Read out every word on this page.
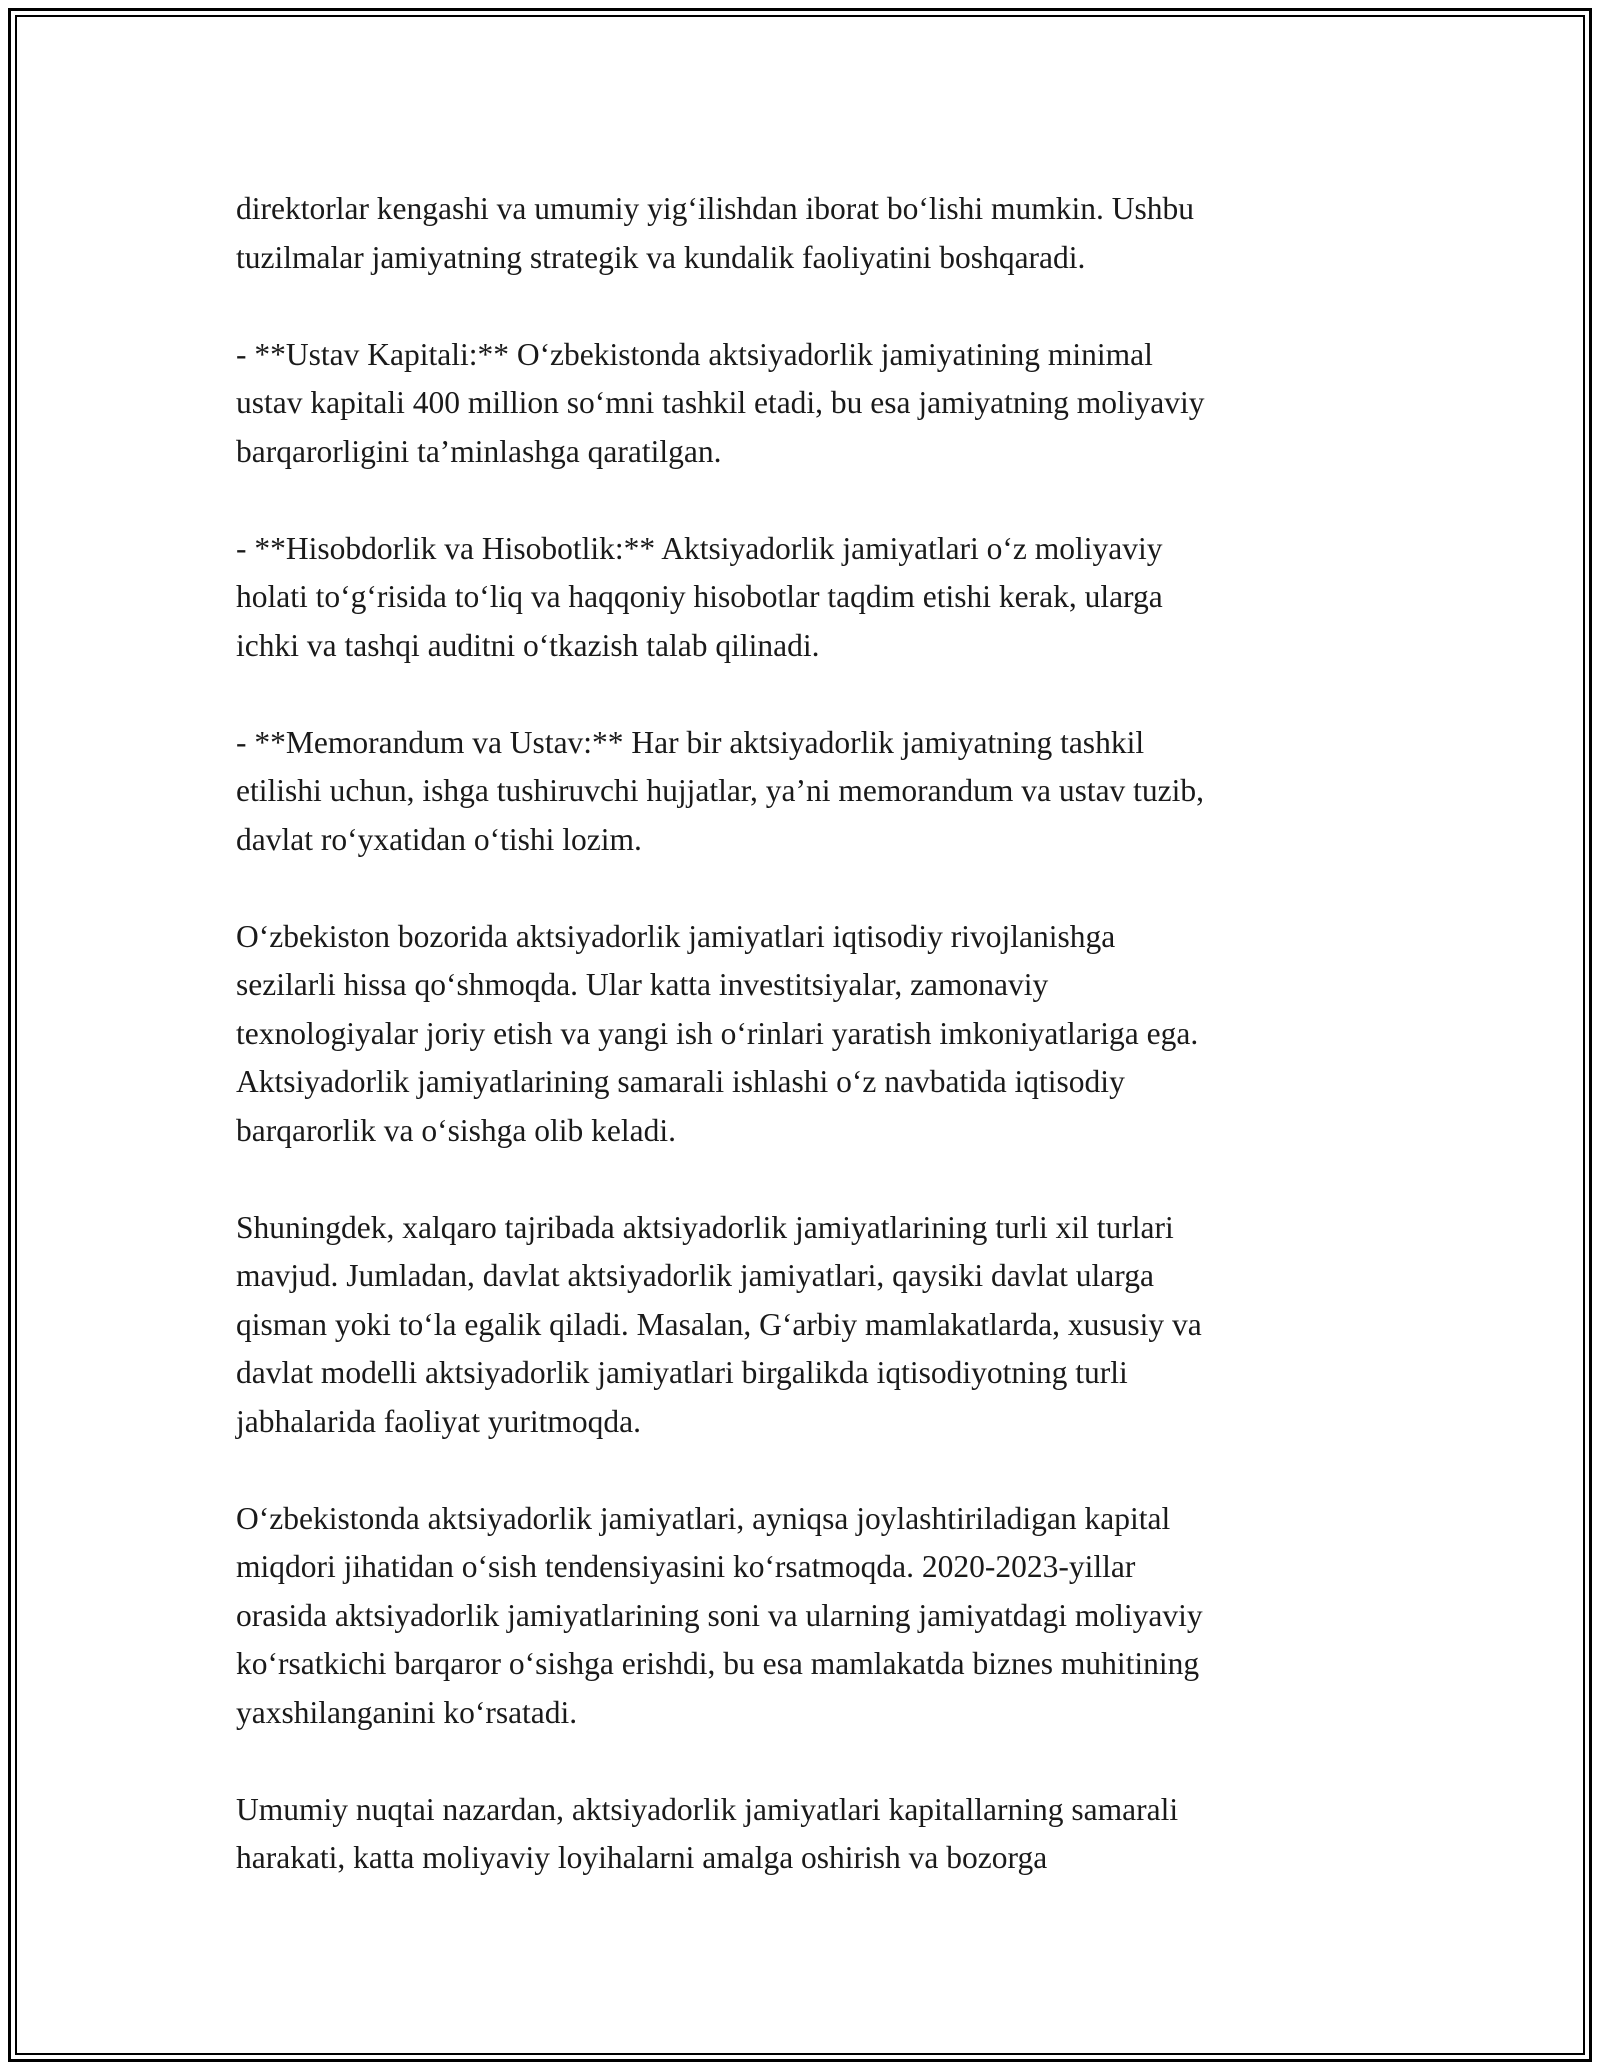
direktorlar kengashi va umumiy yigʻilishdan iborat boʻlishi mumkin. Ushbu
tuzilmalar jamiyatning strategik va kundalik faoliyatini boshqaradi.

- **Ustav Kapitali:** Oʻzbekistonda aktsiyadorlik jamiyatining minimal
ustav kapitali 400 million soʻmni tashkil etadi, bu esa jamiyatning moliyaviy
barqarorligini ta’minlashga qaratilgan.

- **Hisobdorlik va Hisobotlik:** Aktsiyadorlik jamiyatlari oʻz moliyaviy
holati toʻgʻrisida toʻliq va haqqoniy hisobotlar taqdim etishi kerak, ularga
ichki va tashqi auditni oʻtkazish talab qilinadi.

- **Memorandum va Ustav:** Har bir aktsiyadorlik jamiyatning tashkil
etilishi uchun, ishga tushiruvchi hujjatlar, ya’ni memorandum va ustav tuzib,
davlat roʻyxatidan oʻtishi lozim.

Oʻzbekiston bozorida aktsiyadorlik jamiyatlari iqtisodiy rivojlanishga
sezilarli hissa qoʻshmoqda. Ular katta investitsiyalar, zamonaviy
texnologiyalar joriy etish va yangi ish oʻrinlari yaratish imkoniyatlariga ega.
Aktsiyadorlik jamiyatlarining samarali ishlashi oʻz navbatida iqtisodiy
barqarorlik va oʻsishga olib keladi.

Shuningdek, xalqaro tajribada aktsiyadorlik jamiyatlarining turli xil turlari
mavjud. Jumladan, davlat aktsiyadorlik jamiyatlari, qaysiki davlat ularga
qisman yoki toʻla egalik qiladi. Masalan, Gʻarbiy mamlakatlarda, xususiy va
davlat modelli aktsiyadorlik jamiyatlari birgalikda iqtisodiyotning turli
jabhalarida faoliyat yuritmoqda.

Oʻzbekistonda aktsiyadorlik jamiyatlari, ayniqsa joylashtiriladigan kapital
miqdori jihatidan oʻsish tendensiyasini koʻrsatmoqda. 2020-2023-yillar
orasida aktsiyadorlik jamiyatlarining soni va ularning jamiyatdagi moliyaviy
koʻrsatkichi barqaror oʻsishga erishdi, bu esa mamlakatda biznes muhitining
yaxshilanganini koʻrsatadi.

Umumiy nuqtai nazardan, aktsiyadorlik jamiyatlari kapitallarning samarali
harakati, katta moliyaviy loyihalarni amalga oshirish va bozorga
